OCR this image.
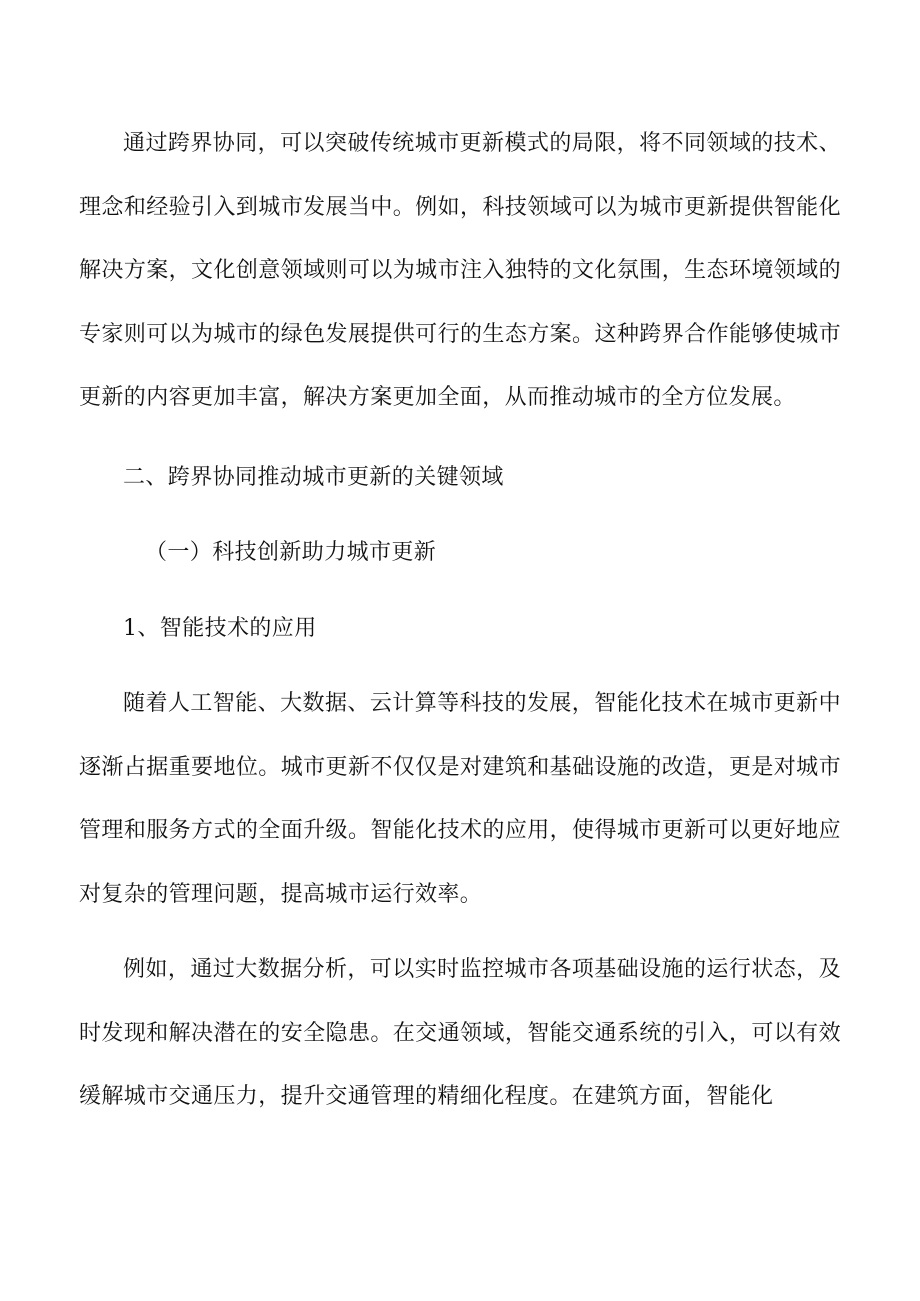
通过跨界协同，可以突破传统城市更新模式的局限，将不同领域的技术、理念和经验引入到城市发展当中。例如，科技领域可以为城市更新提供智能化解决方案，文化创意领域则可以为城市注入独特的文化氛围，生态环境领域的专家则可以为城市的绿色发展提供可行的生态方案。这种跨界合作能够使城市更新的内容更加丰富，解决方案更加全面，从而推动城市的全方位发展。

二、跨界协同推动城市更新的关键领域

（一）科技创新助力城市更新

1、智能技术的应用

随着人工智能、大数据、云计算等科技的发展，智能化技术在城市更新中逐渐占据重要地位。城市更新不仅仅是对建筑和基础设施的改造，更是对城市管理和服务方式的全面升级。智能化技术的应用，使得城市更新可以更好地应对复杂的管理问题，提高城市运行效率。

例如，通过大数据分析，可以实时监控城市各项基础设施的运行状态，及时发现和解决潜在的安全隐患。在交通领域，智能交通系统的引入，可以有效缓解城市交通压力，提升交通管理的精细化程度。在建筑方面，智能化
